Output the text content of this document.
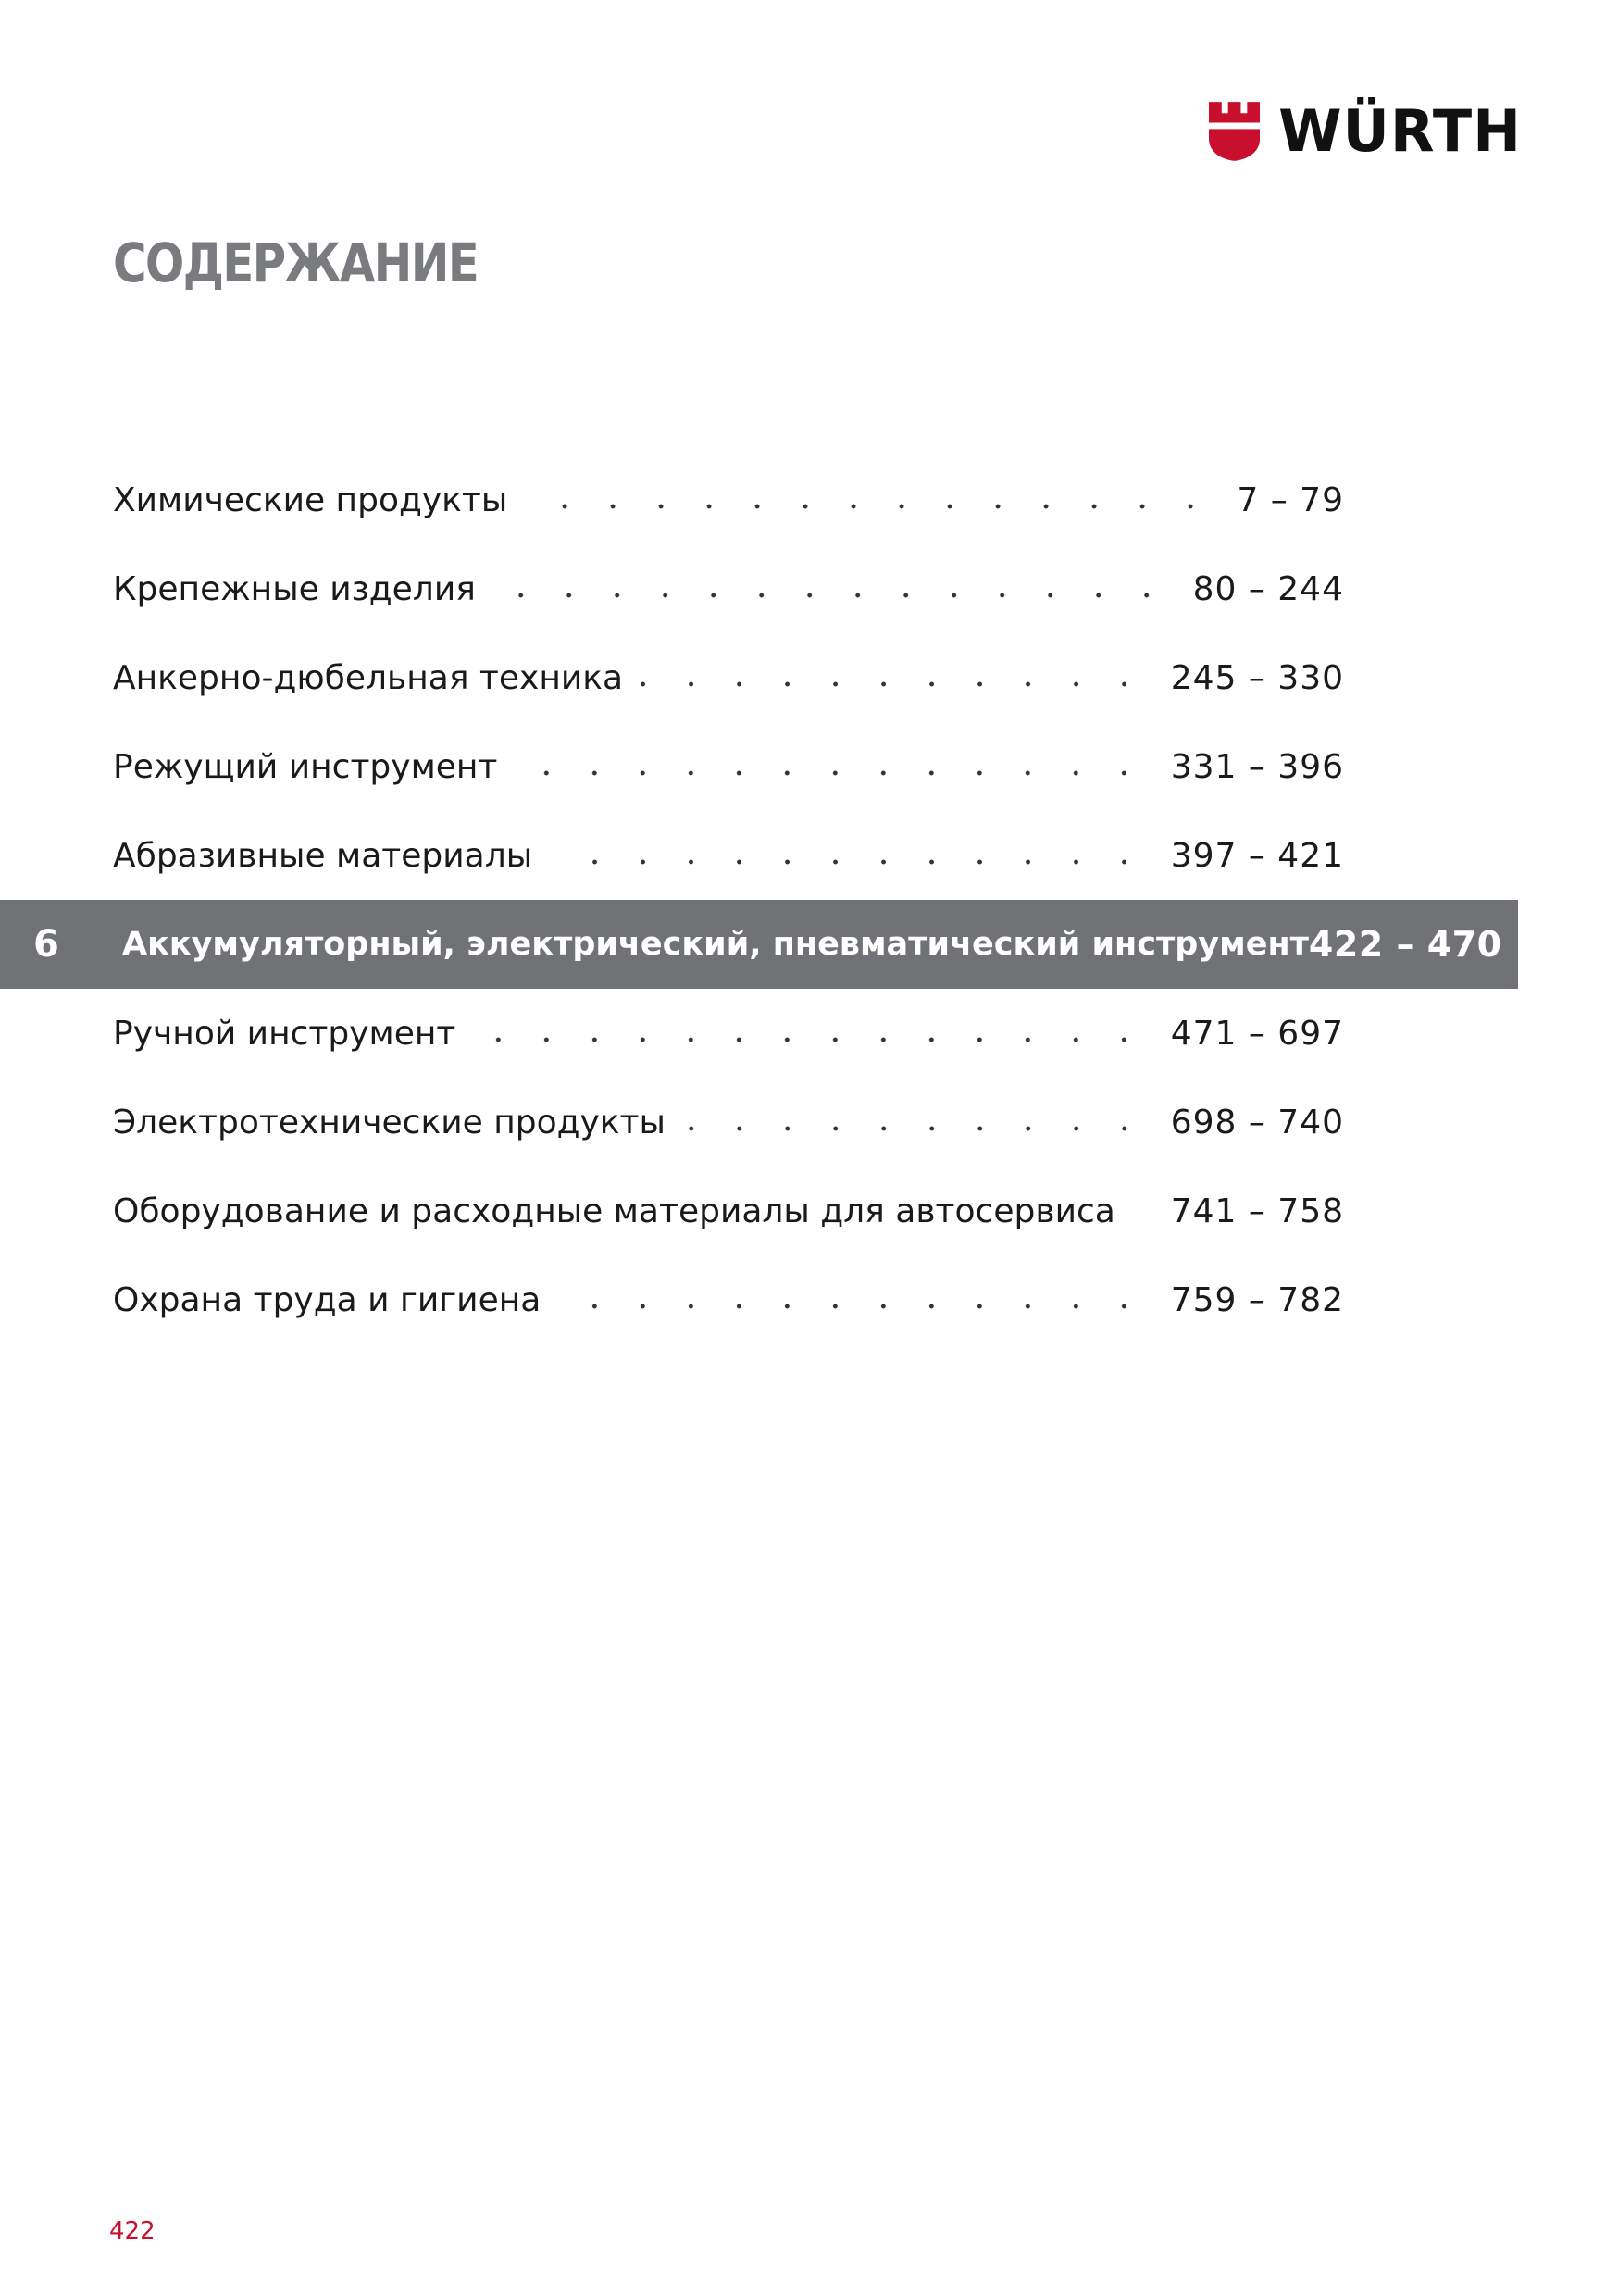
WÜRTH
СОДЕРЖАНИЕ
Химические продукты	7 – 79
Крепежные изделия	80 – 244
Анкерно-дюбельная техника	245 – 330
Режущий инструмент	331 – 396
Абразивные материалы	397 – 421
6	Аккумуляторный, электрический, пневматический инструмент 422 – 470
Ручной инструмент	471 – 697
Электротехнические продукты	698 – 740
Оборудование и расходные материалы для автосервиса 741 – 758
Охрана труда и гигиена	759 – 782
422
